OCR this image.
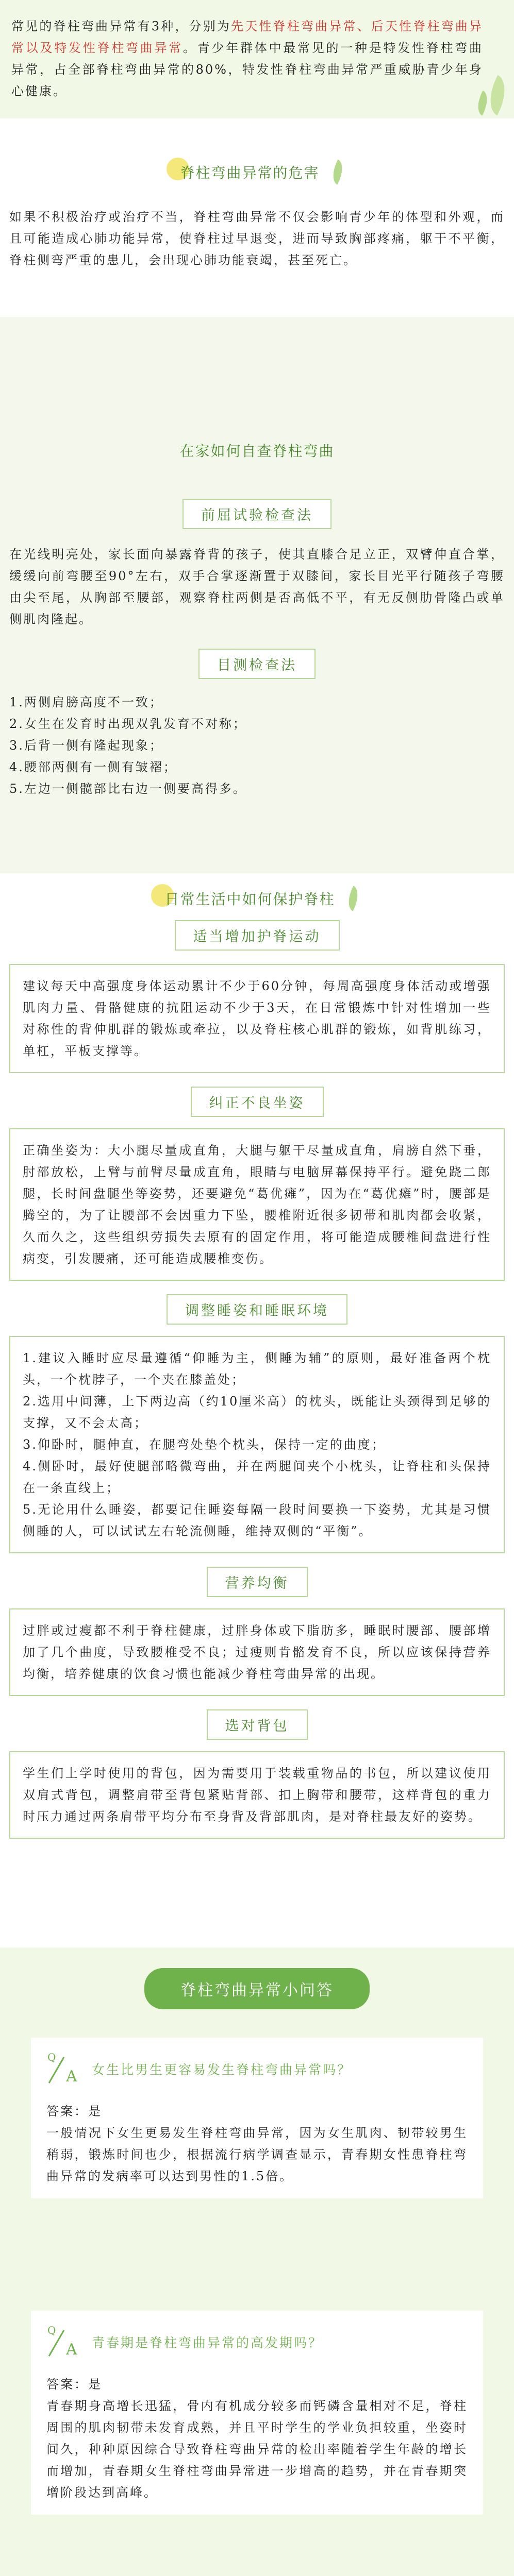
常见的脊柱弯曲异常有3种，分别为先天性脊柱弯曲异常、后天性脊柱弯曲异常以及特发性脊柱弯曲异常。青少年群体中最常见的一种是特发性脊柱弯曲异常，占全部脊柱弯曲异常的80%，特发性脊柱弯曲异常严重威胁青少年身心健康。

脊柱弯曲异常的危害

如果不积极治疗或治疗不当，脊柱弯曲异常不仅会影响青少年的体型和外观，而且可能造成心肺功能异常，使脊柱过早退变，进而导致胸部疼痛，躯干不平衡，脊柱侧弯严重的患儿，会出现心肺功能衰竭，甚至死亡。

在家如何自查脊柱弯曲
前屈试验检查法

在光线明亮处，家长面向暴露脊背的孩子，使其直膝合足立正，双臂伸直合掌，缓缓向前弯腰至90°左右，双手合掌逐渐置于双膝间，家长目光平行随孩子弯腰由尖至尾，从胸部至腰部，观察脊柱两侧是否高低不平，有无反侧肋骨隆凸或单侧肌肉隆起。

目测检查法

1.两侧肩膀高度不一致；

2.女生在发育时出现双乳发育不对称；

3.后背一侧有隆起现象；

4.腰部两侧有一侧有皱褶；

5.左边一侧髋部比右边一侧要高得多。

日常生活中如何保护脊柱
适当增加护脊运动

建议每天中高强度身体运动累计不少于60分钟，每周高强度身体活动或增强肌肉力量、骨骼健康的抗阻运动不少于3天，在日常锻炼中针对性增加一些对称性的背伸肌群的锻炼或牵拉，以及脊柱核心肌群的锻炼，如背肌练习，单杠，平板支撑等。

纠正不良坐姿

正确坐姿为：大小腿尽量成直角，大腿与躯干尽量成直角，肩膀自然下垂，肘部放松，上臂与前臂尽量成直角，眼睛与电脑屏幕保持平行。避免跷二郎腿，长时间盘腿坐等姿势，还要避免“葛优瘫”，因为在“葛优瘫”时，腰部是腾空的，为了让腰部不会因重力下坠，腰椎附近很多韧带和肌肉都会收紧，久而久之，这些组织劳损失去原有的固定作用，将可能造成腰椎间盘进行性病变，引发腰痛，还可能造成腰椎变伤。

调整睡姿和睡眠环境

1.建议入睡时应尽量遵循“仰睡为主，侧睡为辅”的原则，最好准备两个枕头，一个枕脖子，一个夹在膝盖处；

2.选用中间薄，上下两边高（约10厘米高）的枕头，既能让头颈得到足够的支撑，又不会太高；

3.仰卧时，腿伸直，在腿弯处垫个枕头，保持一定的曲度；

4.侧卧时，最好使腿部略微弯曲，并在两腿间夹个小枕头，让脊柱和头保持在一条直线上；

5.无论用什么睡姿，都要记住睡姿每隔一段时间要换一下姿势，尤其是习惯侧睡的人，可以试试左右轮流侧睡，维持双侧的“平衡”。

营养均衡

过胖或过瘦都不利于脊柱健康，过胖身体或下脂肪多，睡眠时腰部、腰部增加了几个曲度，导致腰椎受不良；过瘦则肯骼发育不良，所以应该保持营养均衡，培养健康的饮食习惯也能减少脊柱弯曲异常的出现。

选对背包

学生们上学时使用的背包，因为需要用于装载重物品的书包，所以建议使用双肩式背包，调整肩带至背包紧贴背部、扣上胸带和腰带，这样背包的重力时压力通过两条肩带平均分布至身背及背部肌肉，是对脊柱最友好的姿势。

脊柱弯曲异常小问答
Q
A 女生比男生更容易发生脊柱弯曲异常吗？

答案：是

一般情况下女生更易发生脊柱弯曲异常，因为女生肌肉、韧带较男生稍弱，锻炼时间也少，根据流行病学调查显示，青春期女性患脊柱弯曲异常的发病率可以达到男性的1.5倍。

Q
A 青春期是脊柱弯曲异常的高发期吗？

答案：是

青春期身高增长迅猛，骨内有机成分较多而钙磷含量相对不足，脊柱周围的肌肉韧带未发育成熟，并且平时学生的学业负担较重，坐姿时间久，种种原因综合导致脊柱弯曲异常的检出率随着学生年龄的增长而增加，青春期女生脊柱弯曲异常进一步增高的趋势，并在青春期突增阶段达到高峰。
